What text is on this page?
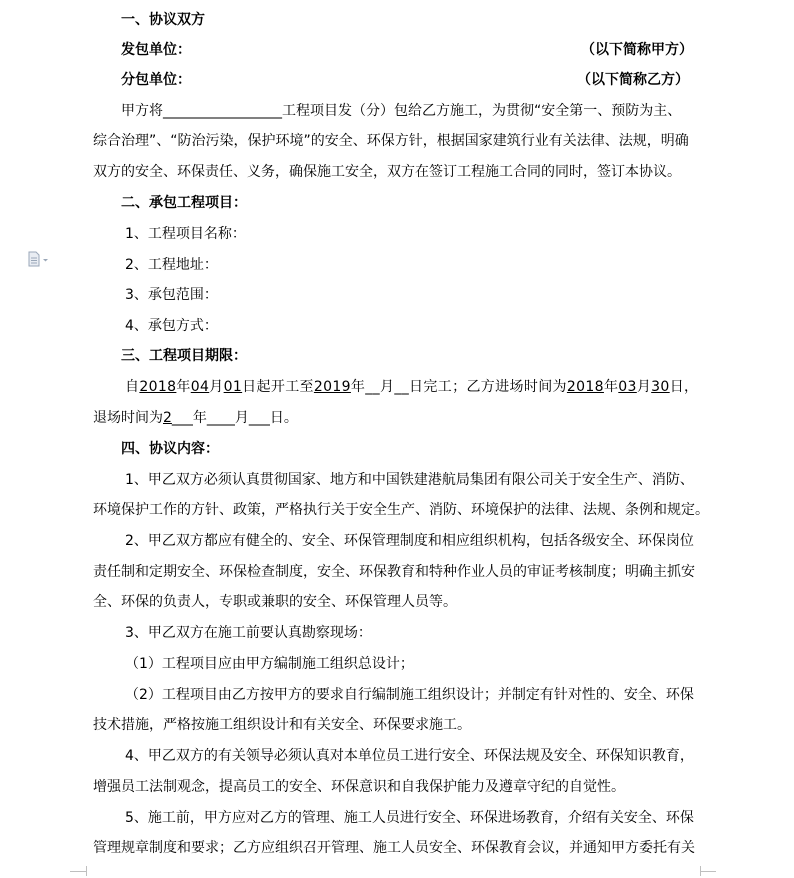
一、协议双方
发包单位：	（以下简称甲方）
分包单位：	（以下简称乙方）
甲方将_________________工程项目发（分）包给乙方施工，为贯彻“安全第一、预防为主、
综合治理”、“防治污染，保护环境”的安全、环保方针，根据国家建筑行业有关法律、法规，明确
双方的安全、环保责任、义务，确保施工安全，双方在签订工程施工合同的同时，签订本协议。
二、承包工程项目：
1、工程项目名称：
2、工程地址：
3、承包范围：
4、承包方式：
三、工程项目期限：
自2018年04月01日起开工至2019年__月__日完工；乙方进场时间为2018年03月30日，
退场时间为2___年____月___日。
四、协议内容：
1、甲乙双方必须认真贯彻国家、地方和中国铁建港航局集团有限公司关于安全生产、消防、
环境保护工作的方针、政策，严格执行关于安全生产、消防、环境保护的法律、法规、条例和规定。
2、甲乙双方都应有健全的、安全、环保管理制度和相应组织机构，包括各级安全、环保岗位
责任制和定期安全、环保检查制度，安全、环保教育和特种作业人员的审证考核制度；明确主抓安
全、环保的负责人，专职或兼职的安全、环保管理人员等。
3、甲乙双方在施工前要认真勘察现场：
（1）工程项目应由甲方编制施工组织总设计；
（2）工程项目由乙方按甲方的要求自行编制施工组织设计；并制定有针对性的、安全、环保
技术措施，严格按施工组织设计和有关安全、环保要求施工。
4、甲乙双方的有关领导必须认真对本单位员工进行安全、环保法规及安全、环保知识教育，
增强员工法制观念，提高员工的安全、环保意识和自我保护能力及遵章守纪的自觉性。
5、施工前，甲方应对乙方的管理、施工人员进行安全、环保进场教育，介绍有关安全、环保
管理规章制度和要求；乙方应组织召开管理、施工人员安全、环保教育会议，并通知甲方委托有关
